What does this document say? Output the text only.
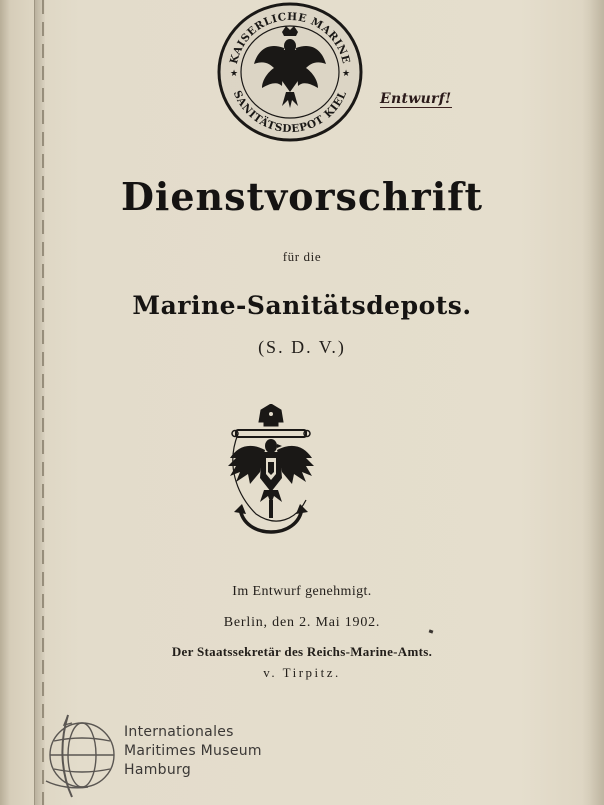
KAISERLICHE MARINE
SANITÄTSDEPOT KIEL
★	★
Entwurf!
Dienstvorschrift
für die
Marine-Sanitätsdepots.
(S. D. V.)
Im Entwurf genehmigt.
Berlin, den 2. Mai 1902.
Der Staatssekretär des Reichs-Marine-Amts.
v. Tirpitz.
Internationales
Maritimes Museum
Hamburg
